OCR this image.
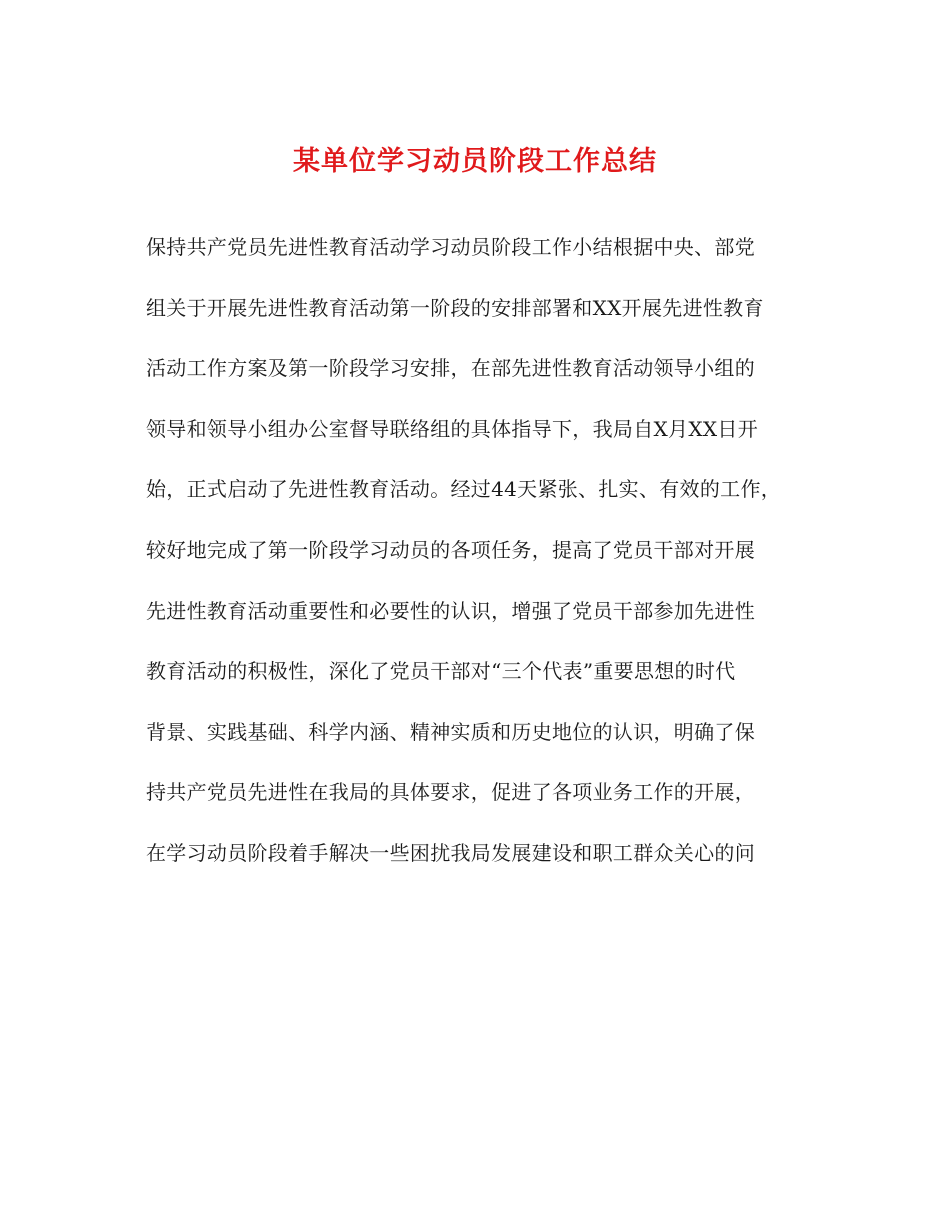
某单位学习动员阶段工作总结
保持共产党员先进性教育活动学习动员阶段工作小结根据中央、部党
组关于开展先进性教育活动第一阶段的安排部署和XX开展先进性教育
活动工作方案及第一阶段学习安排，在部先进性教育活动领导小组的
领导和领导小组办公室督导联络组的具体指导下，我局自X月XX日开
始，正式启动了先进性教育活动。经过44天紧张、扎实、有效的工作，
较好地完成了第一阶段学习动员的各项任务，提高了党员干部对开展
先进性教育活动重要性和必要性的认识，增强了党员干部参加先进性
教育活动的积极性，深化了党员干部对“三个代表”重要思想的时代
背景、实践基础、科学内涵、精神实质和历史地位的认识，明确了保
持共产党员先进性在我局的具体要求，促进了各项业务工作的开展，
在学习动员阶段着手解决一些困扰我局发展建设和职工群众关心的问
